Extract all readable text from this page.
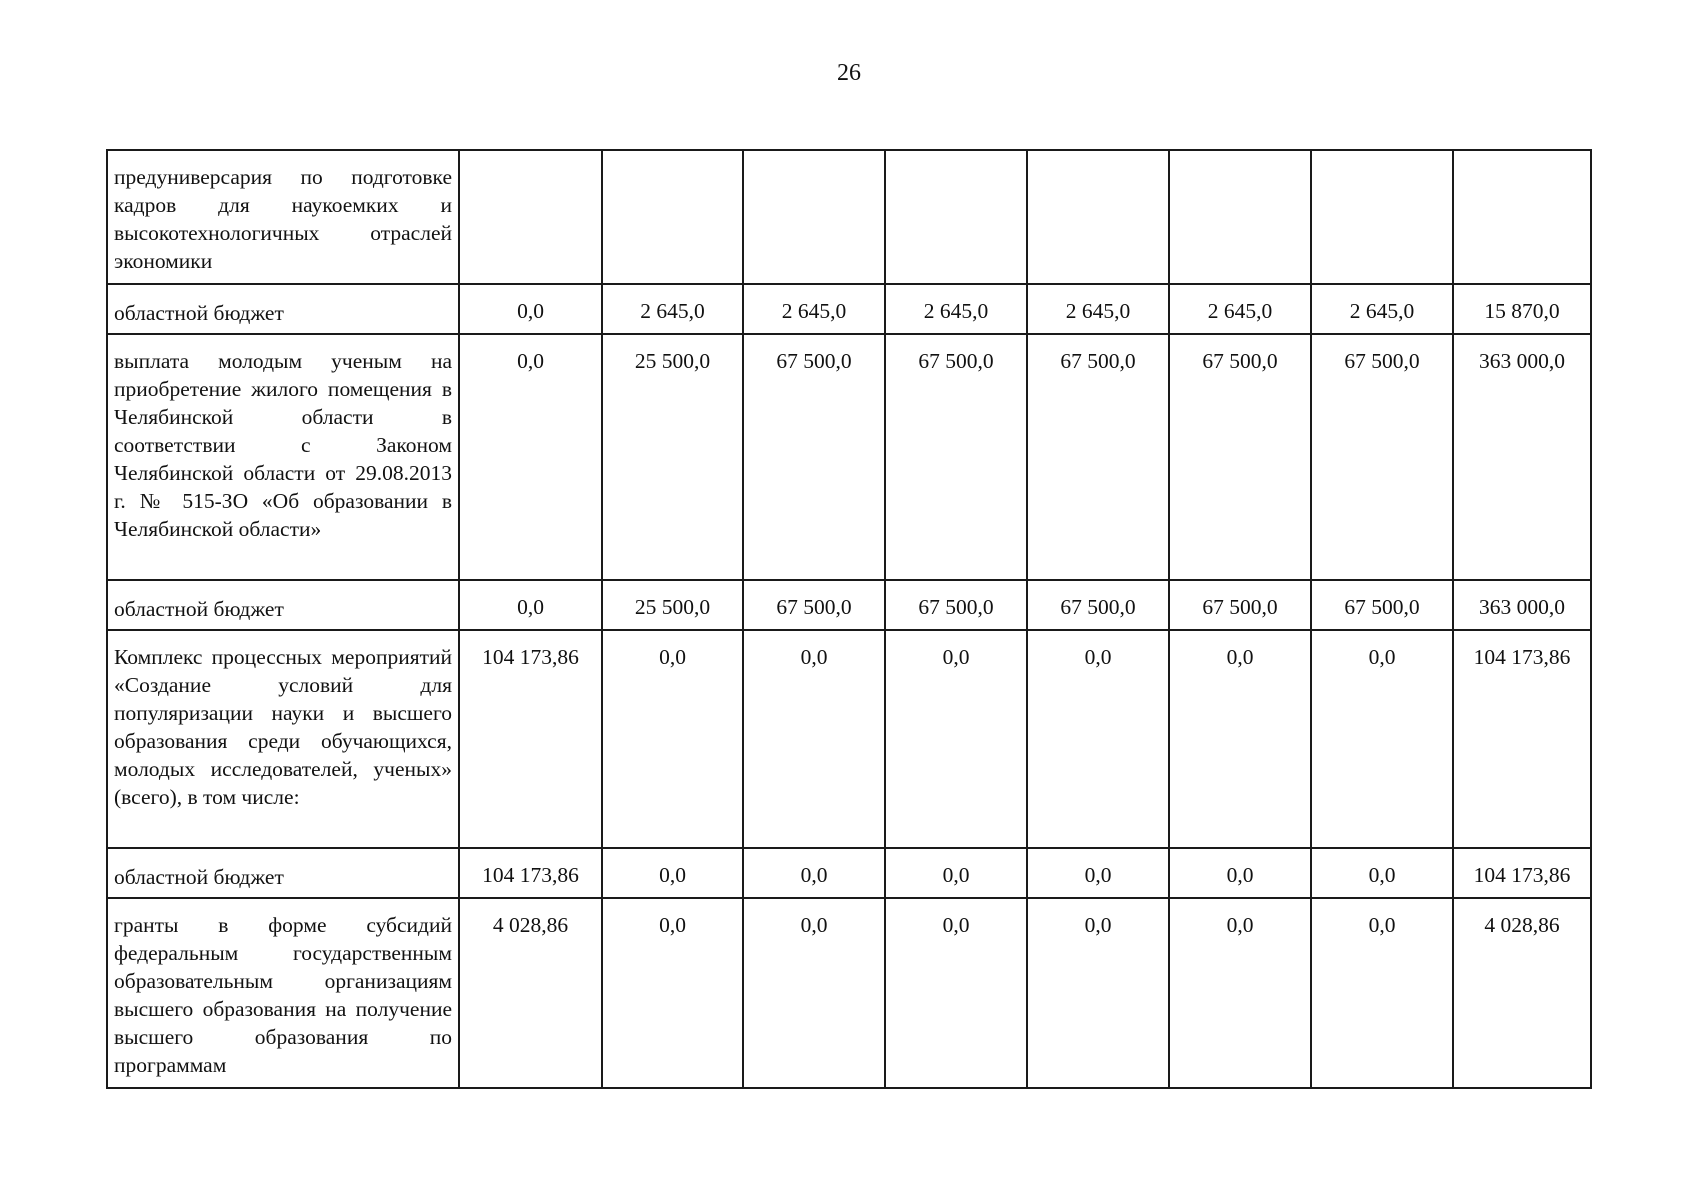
26
предуниверсария по подготовке кадров для наукоемких и высокотехнологичных отраслей экономики								
областной бюджет	0,0	2 645,0	2 645,0	2 645,0	2 645,0	2 645,0	2 645,0	15 870,0
выплата молодым ученым на приобретение жилого помещения в Челябинской области в соответствии с Законом Челябинской области от 29.08.2013 г. № 515-ЗО «Об образовании в Челябинской области»	0,0	25 500,0	67 500,0	67 500,0	67 500,0	67 500,0	67 500,0	363 000,0
областной бюджет	0,0	25 500,0	67 500,0	67 500,0	67 500,0	67 500,0	67 500,0	363 000,0
Комплекс процессных мероприятий «Создание условий для популяризации науки и высшего образования среди обучающихся, молодых исследователей, ученых» (всего), в том числе:	104 173,86	0,0	0,0	0,0	0,0	0,0	0,0	104 173,86
областной бюджет	104 173,86	0,0	0,0	0,0	0,0	0,0	0,0	104 173,86
гранты в форме субсидий федеральным государственным образовательным организациям высшего образования на получение высшего образования по программам	4 028,86	0,0	0,0	0,0	0,0	0,0	0,0	4 028,86
